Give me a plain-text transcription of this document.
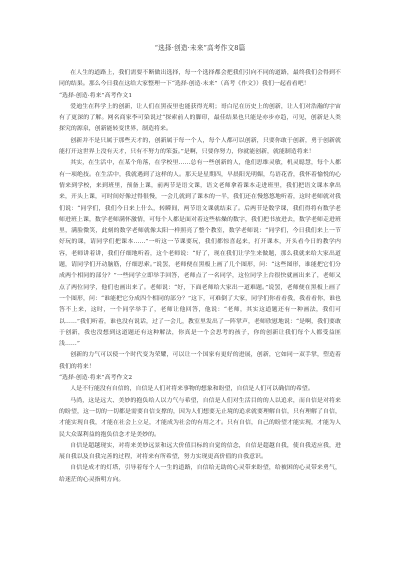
“选择·创造·未来”高考作文8篇

在人生的道路上，我们需要不断做出选择，每一个选择都会把我们引向不同的道路，最终我们会得到不同的结果。那么今日我在这给大家整理一下“选择·创造·未来”（高考《作文》）我们一起看看吧！

“选择·创造·将来”高考作文1

爱迪生在科学上的创新，让人们在黑夜里也能获得光明；哥白尼在历史上的创新，让人们对浩瀚的宇宙有了更深的了解。网名商家李可染说过“探索前人的脚印，最佳结果也只能是亦步亦趋，可见，创新是人类探究的源泉，创新能转变世界，制造将来。

创新并不是只属于那些天才的，创新属于每一个人，每个人都可以创新，只要你敢于创新，勇于创新就能打开这世界上没有天才，只有不努力的笨蛋。”是啊，只要你努力，你就能创新，就能制造将来！

其实，在生活中，在某个角落，在学校里……总有一些创新的人，他们思维灵敏，机灵聪慧，每个人都有一项绝技。在生活中，我就遇到了这样的人。那天是星期四，早晨阳光明媚，鸟语花香，我怀着愉悦的心情来到学校，来到班里，预备上课，前两节是语文课，语文老师拿着课本走进班里，我们把语文课本拿出来，开头上课，可时间好像过得很慢，一会儿就到了课本的一半，我们还在慢悠悠地听着，这时老师就对我们说：“同学们，我们今日来上什么，转瞬间，两节语文课就结束了。后两节是数学课，我们得将有数学老师进班上课，数学老师满怀激情，可每个人都是面对着这些枯燥的数字，我们把书放进去，数学老师走进班里，满脸微笑，此刻的数学老师就像太阳一样照亮了整个教室，数学老师说：“同学们，今日我们来上一节好玩的课，请同学们把课本……”一听这一节课要玩，我们都惊喜起来，打开课本，开头看今日的教学内容，老师讲着讲，我们仔细地听着，这个老师说：“好了，现在我们让学生来做题，那么我就来给大家出道题，请同学们开动脑筋，仔细思索。”说罢，老师便在黑板上画了几个图形，问：“这些图形，谁能把它们分成两个相同的部分？”一些同学立即举手回答，老师点了一名同学，这位同学上台很快就画出来了，老师又点了两位同学，他们也画出来了。老师说：“好，下面老师给大家出一道难题。”说罢，老师便在黑板上画了一个图形，问：“谁能把它分成四个相同的部分？”这下，可难倒了大家，同学们你看看我，我看看你，谁也答不上来，这时，一个同学举手了，老师让他回答，他说：“老师，其实这道题还有一种画法，我们可以……”我们听着，谁也没有说话，过了一会儿，教室里发出了一阵掌声，老师欣慰地说：“是啊，我们要敢于创新，我也没想到这道题还有这种解法，你真是一个会思考的孩子，你的创新让我们每个人都受益匪浅……”

创新的力气可以使一个时代变为荣耀，可以让一个国家有更好的进展，创新，它如同一双手掌，塑造着我们的将来！

“选择·创造·将来”高考作文2

人是不行能没有自信的，自信是人们对将来事物的想象和盼望，自信是人们可以确信的希望。

马尚，这是远大、美妙的抱负给人以力气与希望，自信是人们对生活目的的人以追求，而自信是对将来的盼望，这一切的一切都是需要自信支撑的，因为人们想要无止境的追求就要理解自信，只有理解了自信，才能实现自我，才能在社会上立足，才能成为社会的有用之才。只有自信，自己的盼望才能实现，才能为人民大众谋利益的抱负信念才是美妙的。

自信是超越现实，对将来美妙远景和远大价值目标的自觉的信念，自信是超越自我，使自我适应我，进展自我以及自我完善的过程，对将来有所希望，努力实现更高价值的自我意识。

自信是成才的灯塔，引导着每个人一生的道路，自信给无助的心灵带来盼望，给被困的心灵带来勇气，给迷茫的心灵指明方向。
